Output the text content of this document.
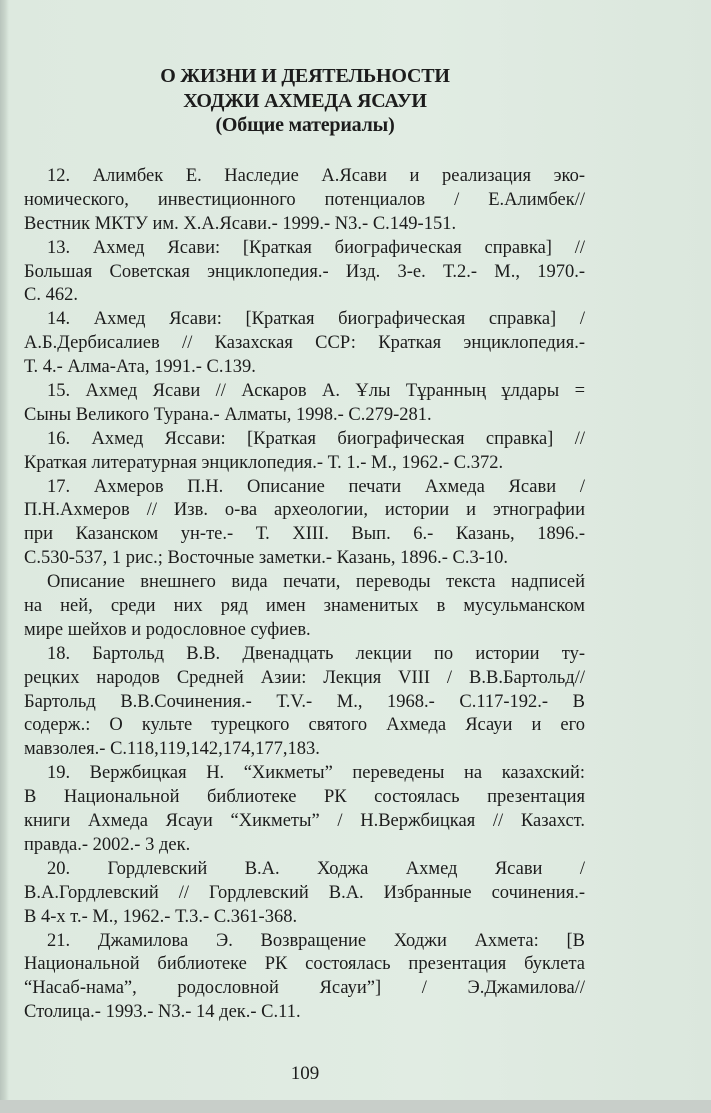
О ЖИЗНИ И ДЕЯТЕЛЬНОСТИ
ХОДЖИ АХМЕДА ЯСАУИ
(Общие материалы)
12. Алимбек Е. Наследие А.Ясави и реализация эко-
номического, инвестиционного потенциалов / Е.Алимбек//
Вестник МКТУ им. Х.А.Ясави.- 1999.- N3.- С.149-151.
13. Ахмед Ясави: [Краткая биографическая справка] //
Большая Советская энциклопедия.- Изд. 3-е. Т.2.- М., 1970.-
С. 462.
14. Ахмед Ясави: [Краткая биографическая справка] /
А.Б.Дербисалиев // Казахская ССР: Краткая энциклопедия.-
Т. 4.- Алма-Ата, 1991.- С.139.
15. Ахмед Ясави // Аскаров А. Ұлы Тұранның ұлдары =
Сыны Великого Турана.- Алматы, 1998.- С.279-281.
16. Ахмед Яссави: [Краткая биографическая справка] //
Краткая литературная энциклопедия.- Т. 1.- М., 1962.- С.372.
17. Ахмеров П.Н. Описание печати Ахмеда Ясави /
П.Н.Ахмеров // Изв. о-ва археологии, истории и этнографии
при Казанском ун-те.- Т. XIII. Вып. 6.- Казань, 1896.-
С.530-537, 1 рис.; Восточные заметки.- Казань, 1896.- С.3-10.
Описание внешнего вида печати, переводы текста надписей
на ней, среди них ряд имен знаменитых в мусульманском
мире шейхов и родословное суфиев.
18. Бартольд В.В. Двенадцать лекции по истории ту-
рецких народов Средней Азии: Лекция VIII / В.В.Бартольд//
Бартольд В.В.Сочинения.- Т.V.- М., 1968.- С.117-192.- В
содерж.: О культе турецкого святого Ахмеда Ясауи и его
мавзолея.- С.118,119,142,174,177,183.
19. Вержбицкая Н. “Хикметы” переведены на казахский:
В Национальной библиотеке РК состоялась презентация
книги Ахмеда Ясауи “Хикметы” / Н.Вержбицкая // Казахст.
правда.- 2002.- 3 дек.
20. Гордлевский В.А. Ходжа Ахмед Ясави /
В.А.Гордлевский // Гордлевский В.А. Избранные сочинения.-
В 4-х т.- М., 1962.- Т.3.- С.361-368.
21. Джамилова Э. Возвращение Ходжи Ахмета: [В
Национальной библиотеке РК состоялась презентация буклета
“Насаб-нама”, родословной Ясауи”] / Э.Джамилова//
Столица.- 1993.- N3.- 14 дек.- С.11.
109
